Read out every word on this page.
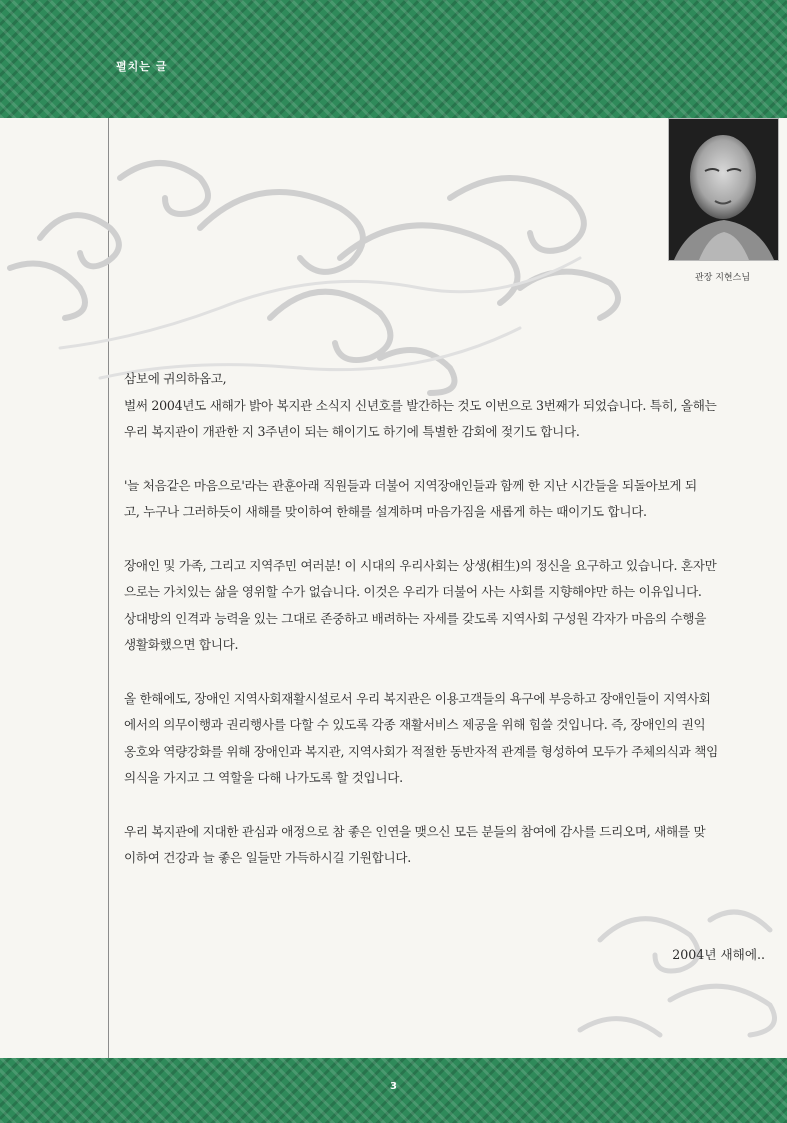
펼치는 글
관장 지현스님

삼보에 귀의하옵고,

벌써 2004년도 새해가 밝아 복지관 소식지 신년호를 발간하는 것도 이번으로 3번째가 되었습니다. 특히, 올해는

우리 복지관이 개관한 지 3주년이 되는 해이기도 하기에 특별한 감회에 젖기도 합니다.

'늘 처음같은 마음으로'라는 관훈아래 직원들과 더불어 지역장애인들과 함께 한 지난 시간들을 되돌아보게 되

고, 누구나 그러하듯이 새해를 맞이하여 한해를 설계하며 마음가짐을 새롭게 하는 때이기도 합니다.

장애인 및 가족, 그리고 지역주민 여러분! 이 시대의 우리사회는 상생(相生)의 정신을 요구하고 있습니다. 혼자만

으로는 가치있는 삶을 영위할 수가 없습니다. 이것은 우리가 더불어 사는 사회를 지향해야만 하는 이유입니다.

상대방의 인격과 능력을 있는 그대로 존중하고 배려하는 자세를 갖도록 지역사회 구성원 각자가 마음의 수행을

생활화했으면 합니다.

올 한해에도, 장애인 지역사회재활시설로서 우리 복지관은 이용고객들의 욕구에 부응하고 장애인들이 지역사회

에서의 의무이행과 권리행사를 다할 수 있도록 각종 재활서비스 제공을 위해 힘쓸 것입니다. 즉, 장애인의 권익

옹호와 역량강화를 위해 장애인과 복지관, 지역사회가 적절한 동반자적 관계를 형성하여 모두가 주체의식과 책임

의식을 가지고 그 역할을 다해 나가도록 할 것입니다.

우리 복지관에 지대한 관심과 애정으로 참 좋은 인연을 맺으신 모든 분들의 참여에 감사를 드리오며, 새해를 맞

이하여 건강과 늘 좋은 일들만 가득하시길 기원합니다.

2004년 새해에..
3
